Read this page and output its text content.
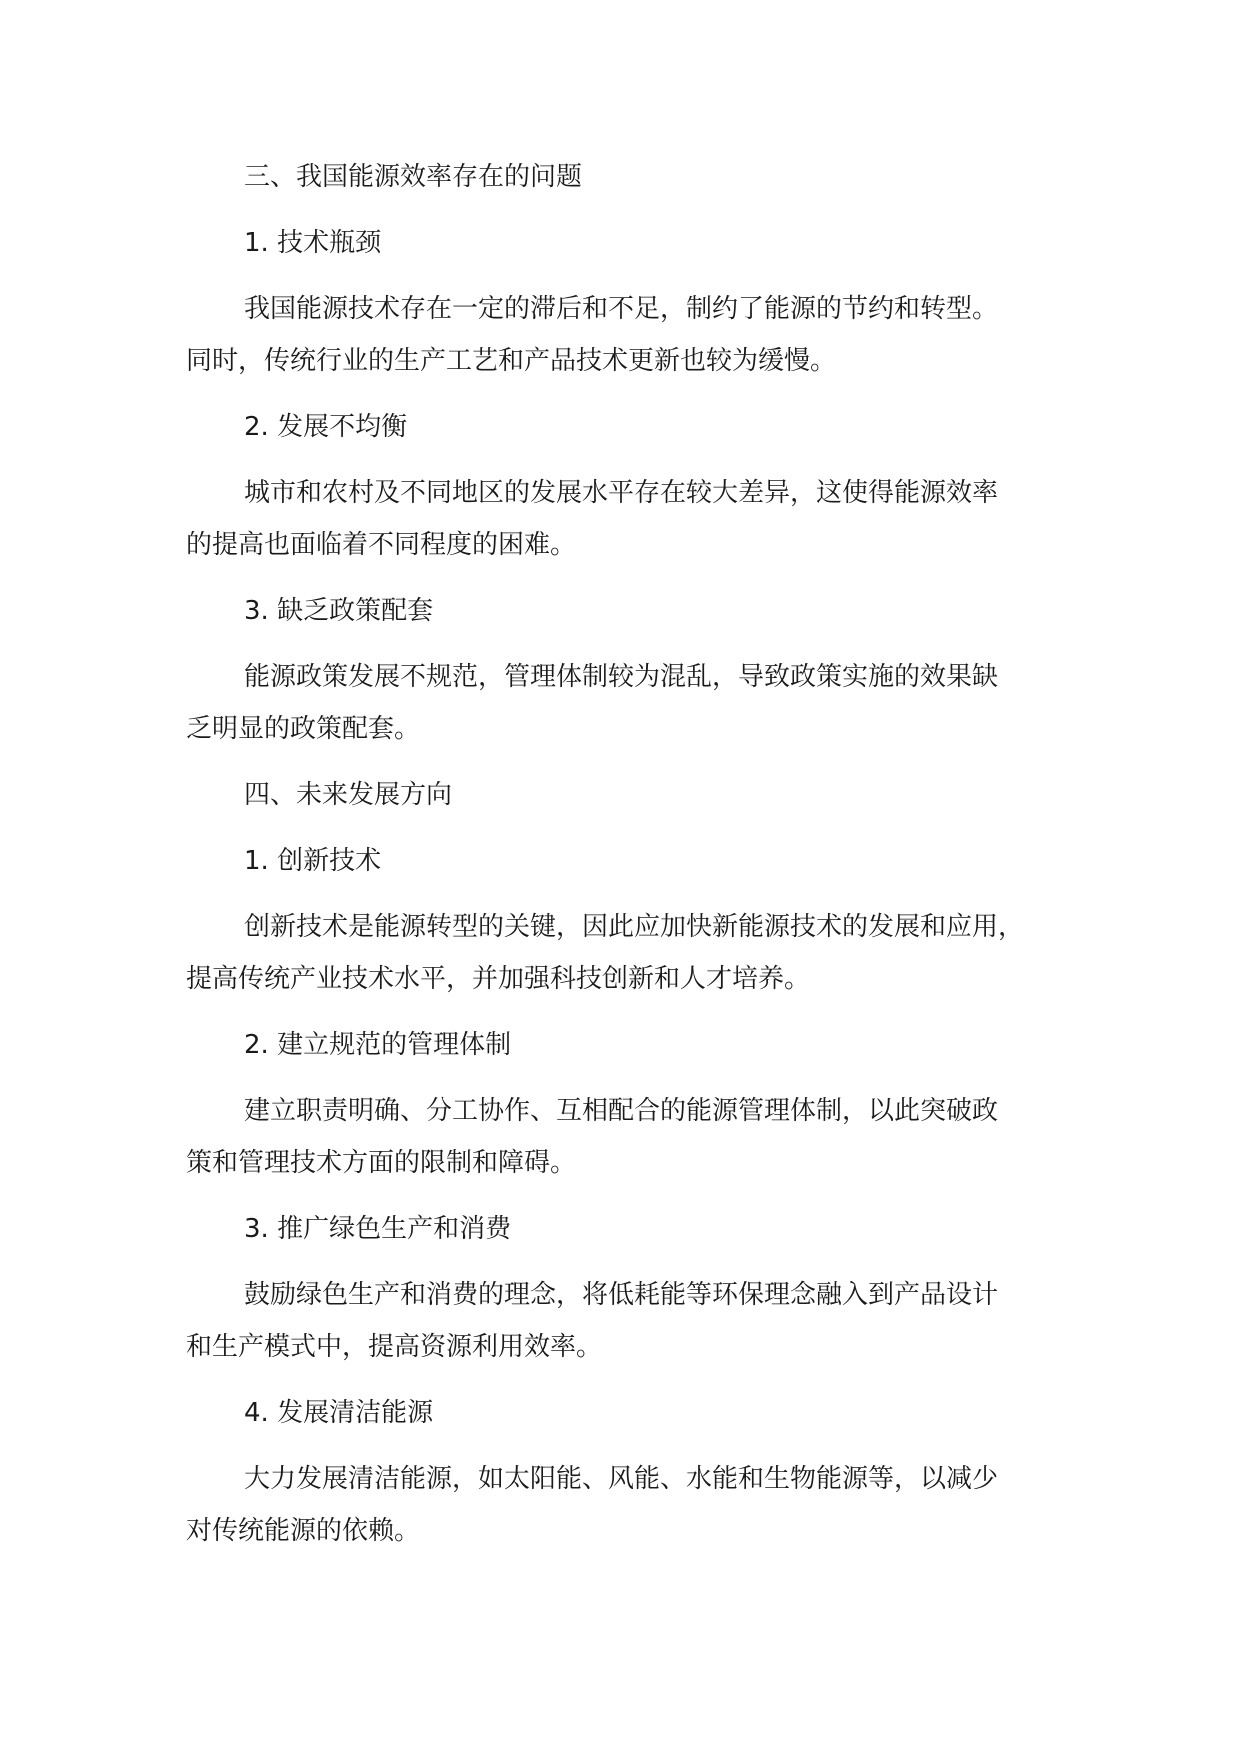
三、我国能源效率存在的问题

1. 技术瓶颈

我国能源技术存在一定的滞后和不足，制约了能源的节约和转型。

同时，传统行业的生产工艺和产品技术更新也较为缓慢。

2. 发展不均衡

城市和农村及不同地区的发展水平存在较大差异，这使得能源效率

的提高也面临着不同程度的困难。

3. 缺乏政策配套

能源政策发展不规范，管理体制较为混乱，导致政策实施的效果缺

乏明显的政策配套。

四、未来发展方向

1. 创新技术

创新技术是能源转型的关键，因此应加快新能源技术的发展和应用，

提高传统产业技术水平，并加强科技创新和人才培养。

2. 建立规范的管理体制

建立职责明确、分工协作、互相配合的能源管理体制，以此突破政

策和管理技术方面的限制和障碍。

3. 推广绿色生产和消费

鼓励绿色生产和消费的理念，将低耗能等环保理念融入到产品设计

和生产模式中，提高资源利用效率。

4. 发展清洁能源

大力发展清洁能源，如太阳能、风能、水能和生物能源等，以减少

对传统能源的依赖。
